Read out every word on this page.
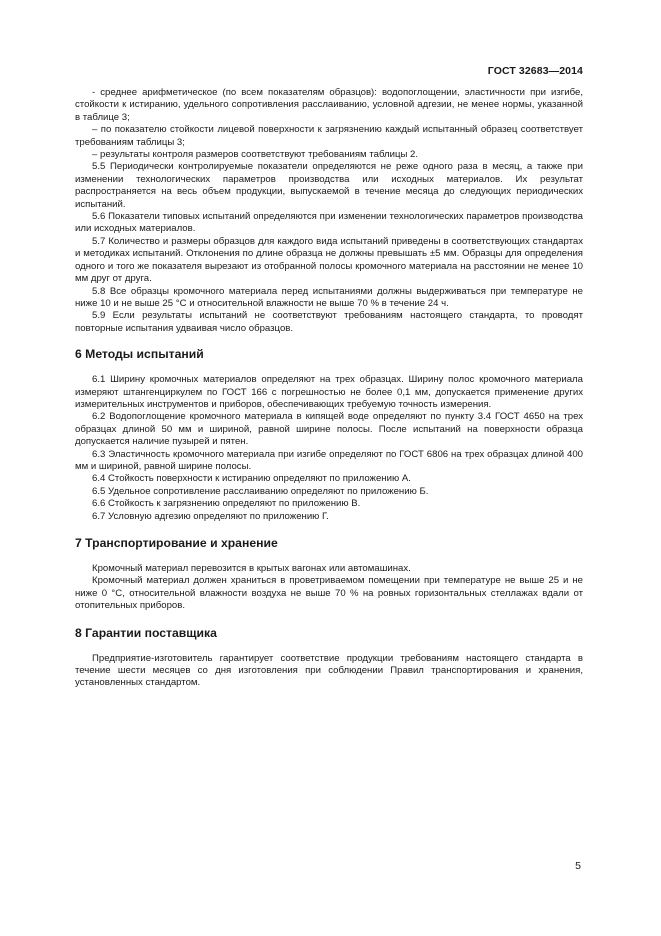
ГОСТ 32683—2014

- среднее арифметическое (по всем показателям образцов): водопоглощении, эластичности при изгибе, стойкости к истиранию, удельного сопротивления расслаиванию, условной адгезии, не менее нормы, указанной в таблице 3;

– по показателю стойкости лицевой поверхности к загрязнению каждый испытанный образец соответствует требованиям таблицы 3;

– результаты контроля размеров соответствуют требованиям таблицы 2.

5.5 Периодически контролируемые показатели определяются не реже одного раза в месяц, а также при изменении технологических параметров производства или исходных материалов. Их результат распространяется на весь объем продукции, выпускаемой в течение месяца до следующих периодических испытаний.

5.6 Показатели типовых испытаний определяются при изменении технологических параметров производства или исходных материалов.

5.7 Количество и размеры образцов для каждого вида испытаний приведены в соответствующих стандартах и методиках испытаний. Отклонения по длине образца не должны превышать ±5 мм. Образцы для определения одного и того же показателя вырезают из отобранной полосы кромочного материала на расстоянии не менее 10 мм друг от друга.

5.8 Все образцы кромочного материала перед испытаниями должны выдерживаться при температуре не ниже 10 и не выше 25 °С и относительной влажности не выше 70 % в течение 24 ч.

5.9 Если результаты испытаний не соответствуют требованиям настоящего стандарта, то проводят повторные испытания удваивая число образцов.

6 Методы испытаний

6.1 Ширину кромочных материалов определяют на трех образцах. Ширину полос кромочного материала измеряют штангенциркулем по ГОСТ 166 с погрешностью не более 0,1 мм, допускается применение других измерительных инструментов и приборов, обеспечивающих требуемую точность измерения.

6.2 Водопоглощение кромочного материала в кипящей воде определяют по пункту 3.4 ГОСТ 4650 на трех образцах длиной 50 мм и шириной, равной ширине полосы. После испытаний на поверхности образца допускается наличие пузырей и пятен.

6.3 Эластичность кромочного материала при изгибе определяют по ГОСТ 6806 на трех образцах длиной 400 мм и шириной, равной ширине полосы.

6.4 Стойкость поверхности к истиранию определяют по приложению А.

6.5 Удельное сопротивление расслаиванию определяют по приложению Б.

6.6 Стойкость к загрязнению определяют по приложению В.

6.7 Условную адгезию определяют по приложению Г.

7 Транспортирование и хранение

Кромочный материал перевозится в крытых вагонах или автомашинах.

Кромочный материал должен храниться в проветриваемом помещении при температуре не выше 25 и не ниже 0 °С, относительной влажности воздуха не выше 70 % на ровных горизонтальных стеллажах вдали от отопительных приборов.

8 Гарантии поставщика

Предприятие-изготовитель гарантирует соответствие продукции требованиям настоящего стандарта в течение шести месяцев со дня изготовления при соблюдении Правил транспортирования и хранения, установленных стандартом.

5
